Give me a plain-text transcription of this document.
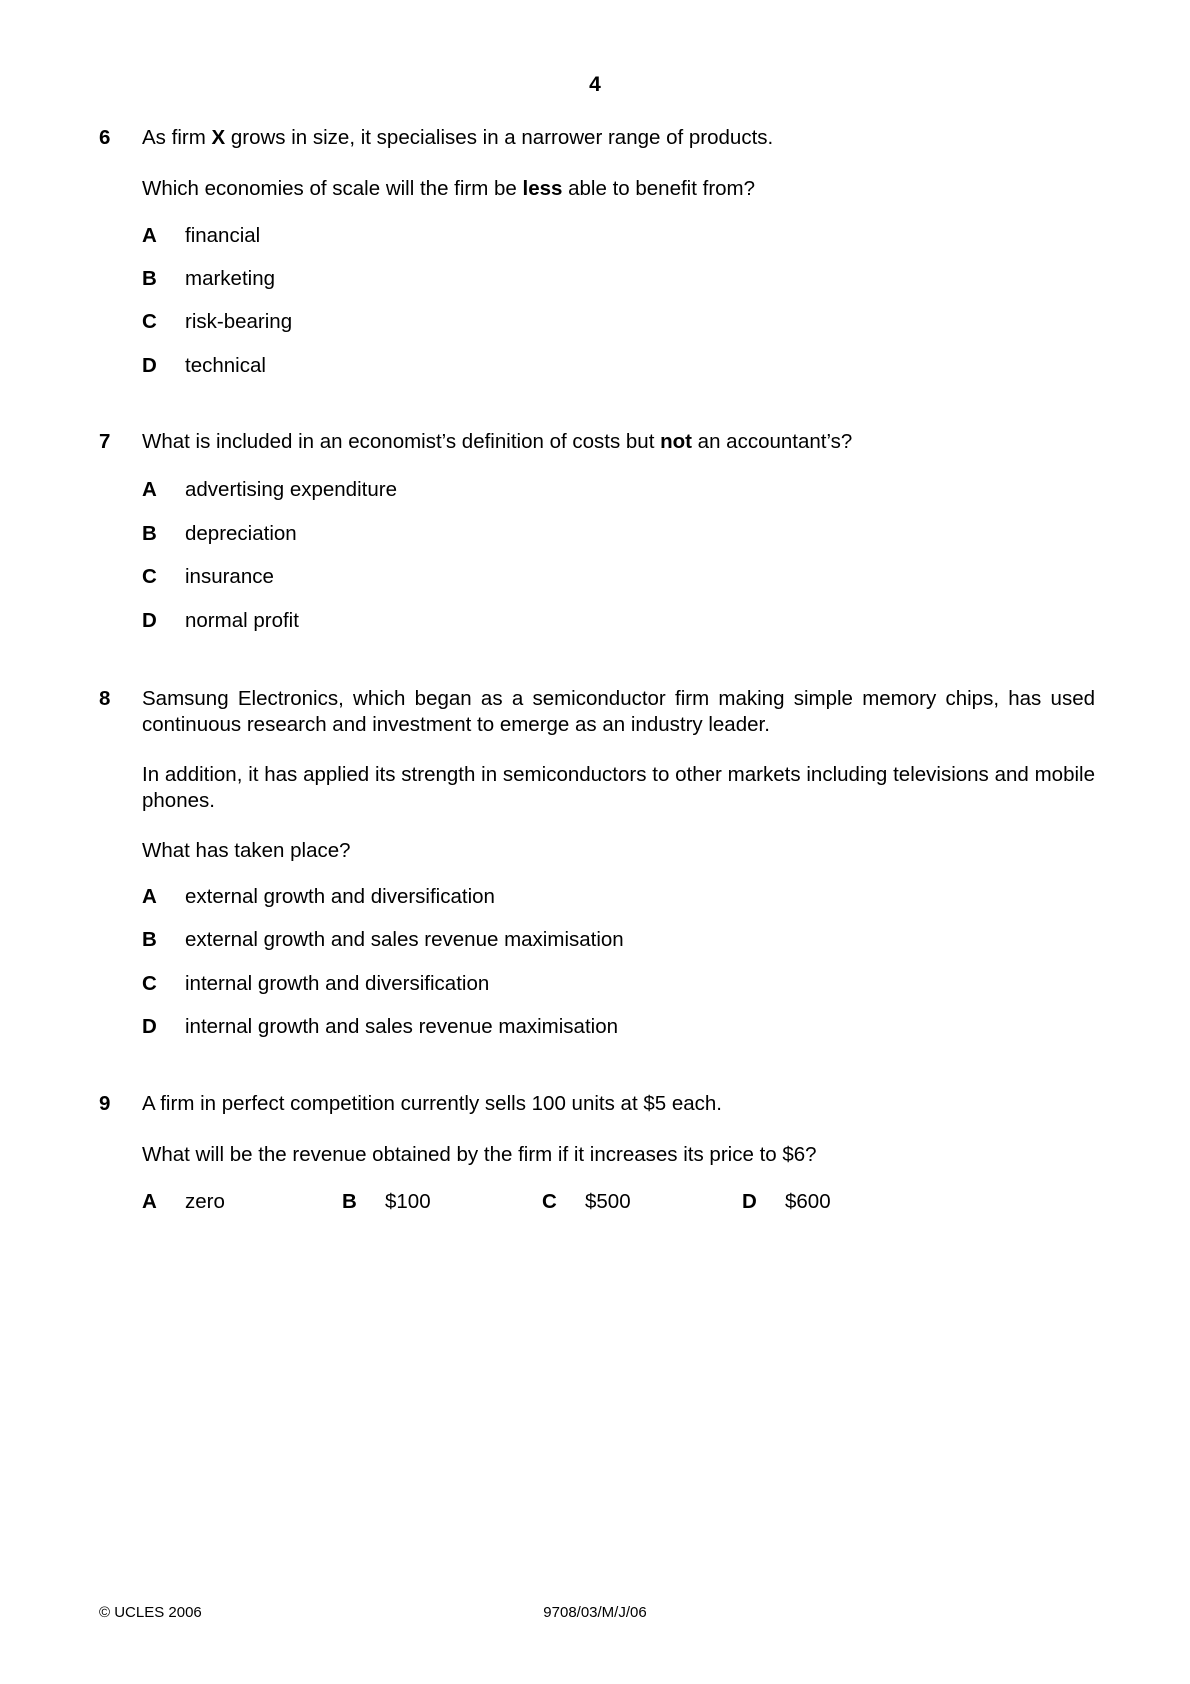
4
6 As firm X grows in size, it specialises in a narrower range of products.
Which economies of scale will the firm be less able to benefit from?
A financial
B marketing
C risk-bearing
D technical
7 What is included in an economist’s definition of costs but not an accountant’s?
A advertising expenditure
B depreciation
C insurance
D normal profit
8 Samsung Electronics, which began as a semiconductor firm making simple memory chips, has used continuous research and investment to emerge as an industry leader.
In addition, it has applied its strength in semiconductors to other markets including televisions and mobile phones.
What has taken place?
A external growth and diversification
B external growth and sales revenue maximisation
C internal growth and diversification
D internal growth and sales revenue maximisation
9 A firm in perfect competition currently sells 100 units at $5 each.
What will be the revenue obtained by the firm if it increases its price to $6?
A zero	B $100	C $500	D $600
© UCLES 2006	9708/03/M/J/06
